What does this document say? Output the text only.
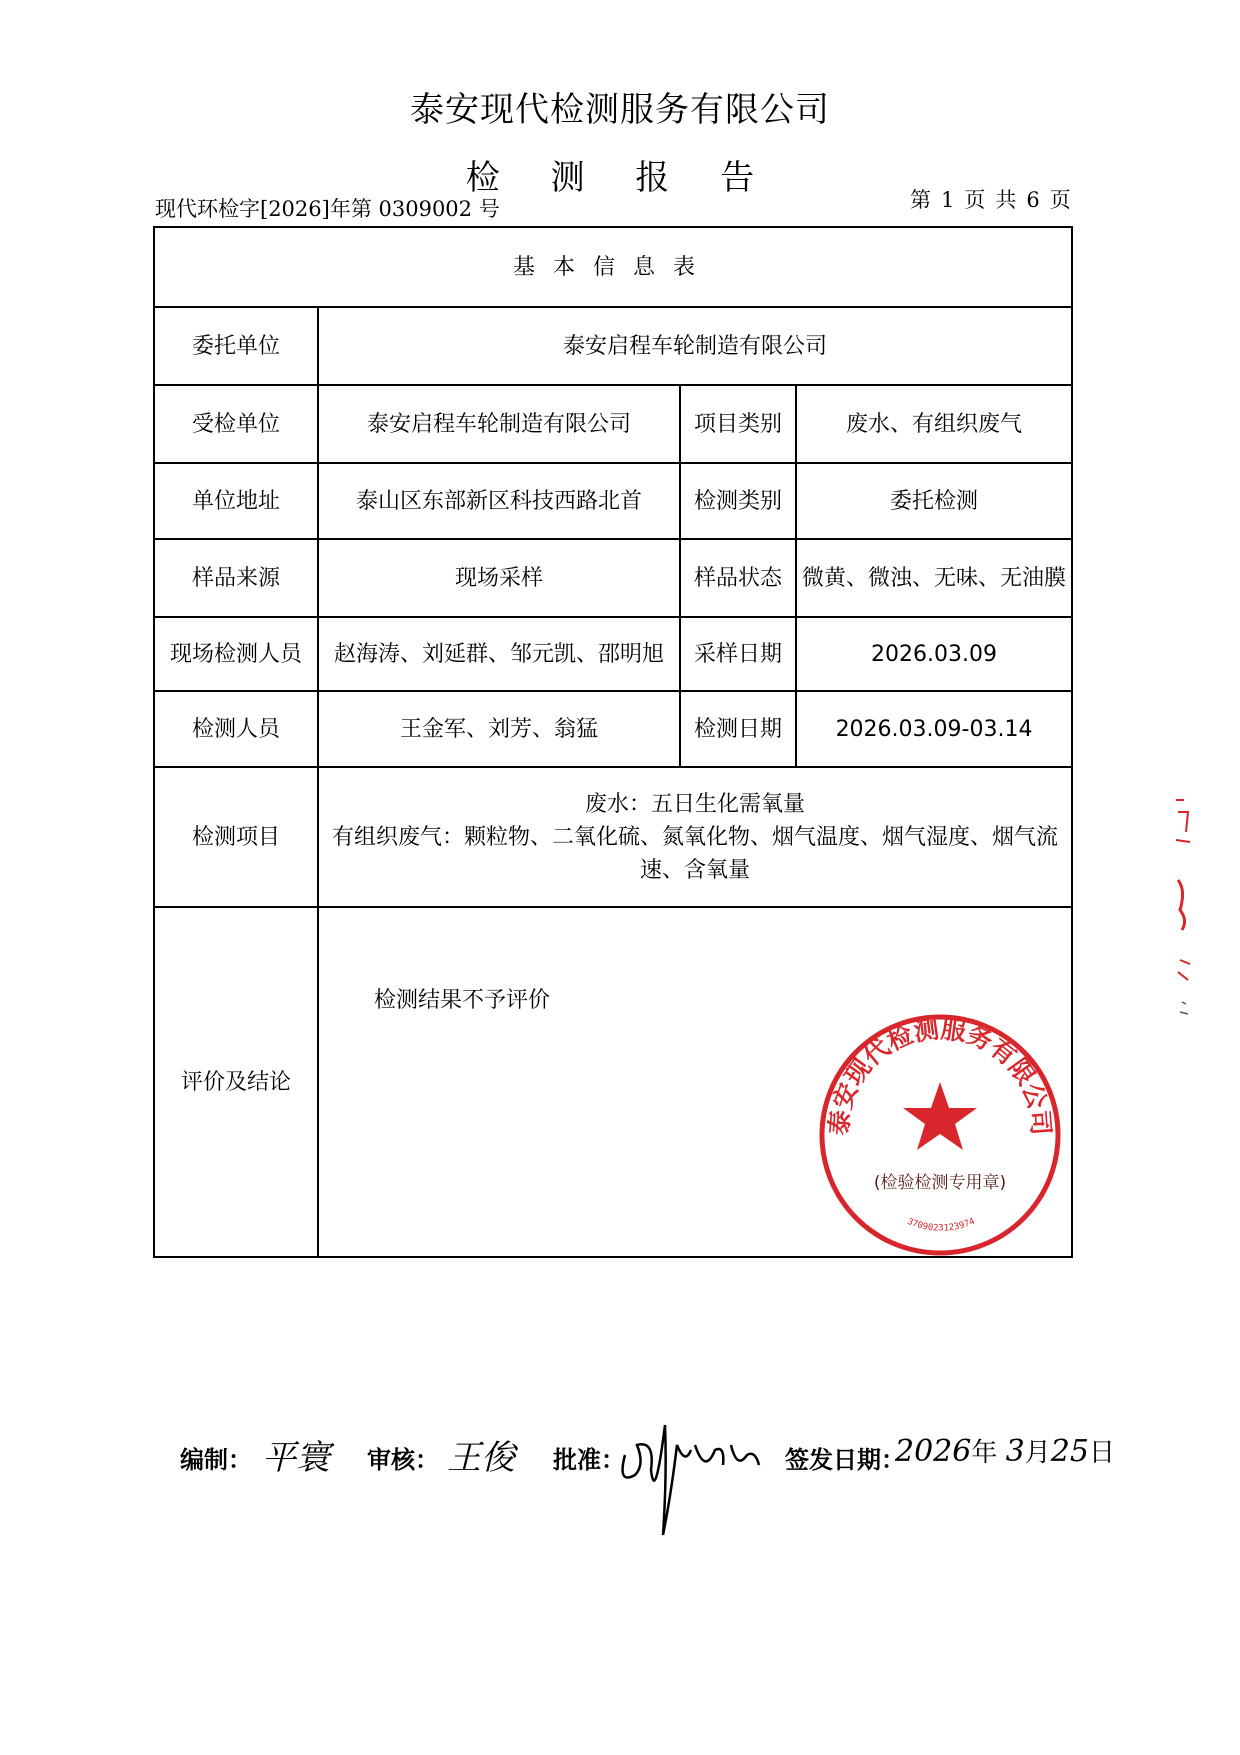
泰安现代检测服务有限公司
检 测 报 告
现代环检字[2026]年第 0309002 号	第 1 页 共 6 页
基本信息表			
委托单位	泰安启程车轮制造有限公司		
受检单位	泰安启程车轮制造有限公司	项目类别	废水、有组织废气
单位地址	泰山区东部新区科技西路北首	检测类别	委托检测
样品来源	现场采样	样品状态	微黄、微浊、无味、无油膜
现场检测人员	赵海涛、刘延群、邹元凯、邵明旭	采样日期	2026.03.09
检测人员	王金军、刘芳、翁猛	检测日期	2026.03.09-03.14
检测项目	废水：五日生化需氧量
有组织废气：颗粒物、二氧化硫、氮氧化物、烟气温度、烟气湿度、烟气流速、含氧量		

评价及结论	检测结果不予评价		
泰安现代检测服务有限公司
(检验检测专用章)
3709023123974
编制： 平寰 审核： 王俊 批准：	签发日期：
2026年 3月25日
